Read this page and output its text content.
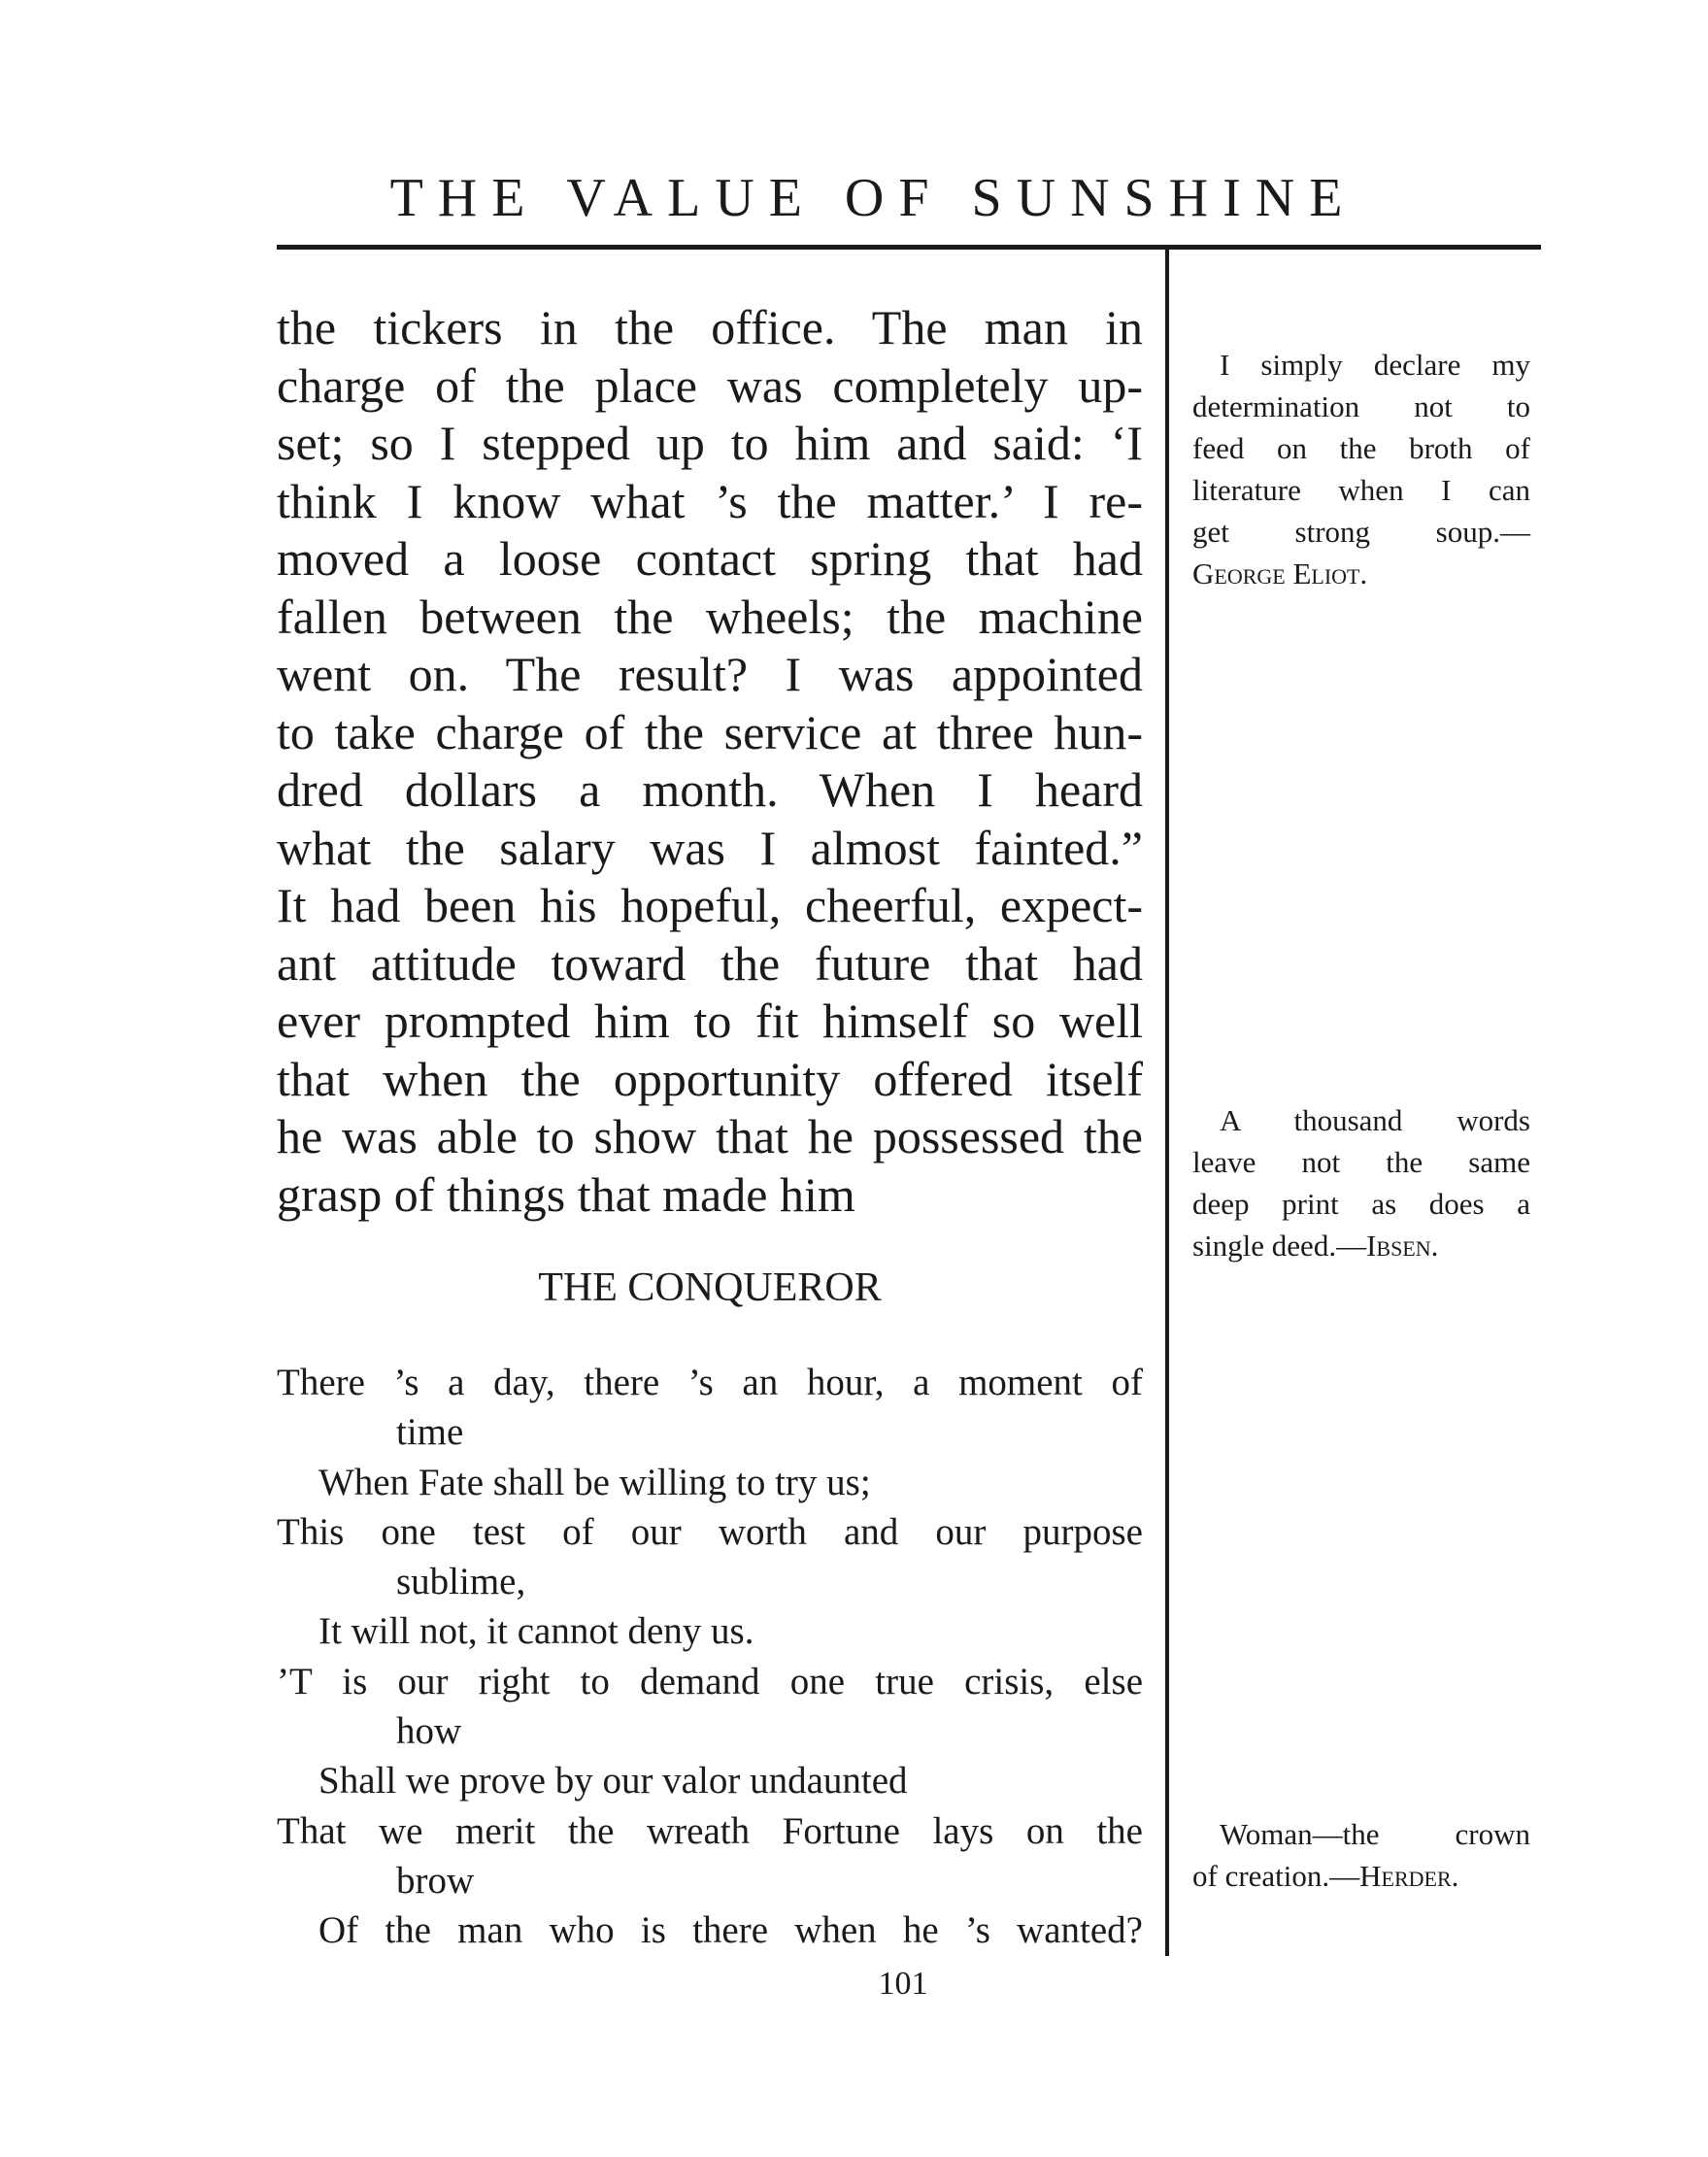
THE VALUE OF SUNSHINE
the tickers in the office. The man in
charge of the place was completely up-
set; so I stepped up to him and said: ‘I
think I know what ’s the matter.’ I re-
moved a loose contact spring that had
fallen between the wheels; the machine
went on. The result? I was appointed
to take charge of the service at three hun-
dred dollars a month. When I heard
what the salary was I almost fainted.”
It had been his hopeful, cheerful, expect-
ant attitude toward the future that had
ever prompted him to fit himself so well
that when the opportunity offered itself
he was able to show that he possessed the
grasp of things that made him
THE CONQUEROR
There ’s a day, there ’s an hour, a moment of
time
When Fate shall be willing to try us;
This one test of our worth and our purpose
sublime,
It will not, it cannot deny us.
’T is our right to demand one true crisis, else
how
Shall we prove by our valor undaunted
That we merit the wreath Fortune lays on the
brow
Of the man who is there when he ’s wanted?
I simply declare my
determination not to
feed on the broth of
literature when I can
get strong soup.—
George Eliot.
A thousand words
leave not the same
deep print as does a
single deed.—Ibsen.
Woman—the crown
of creation.—Herder.
101
